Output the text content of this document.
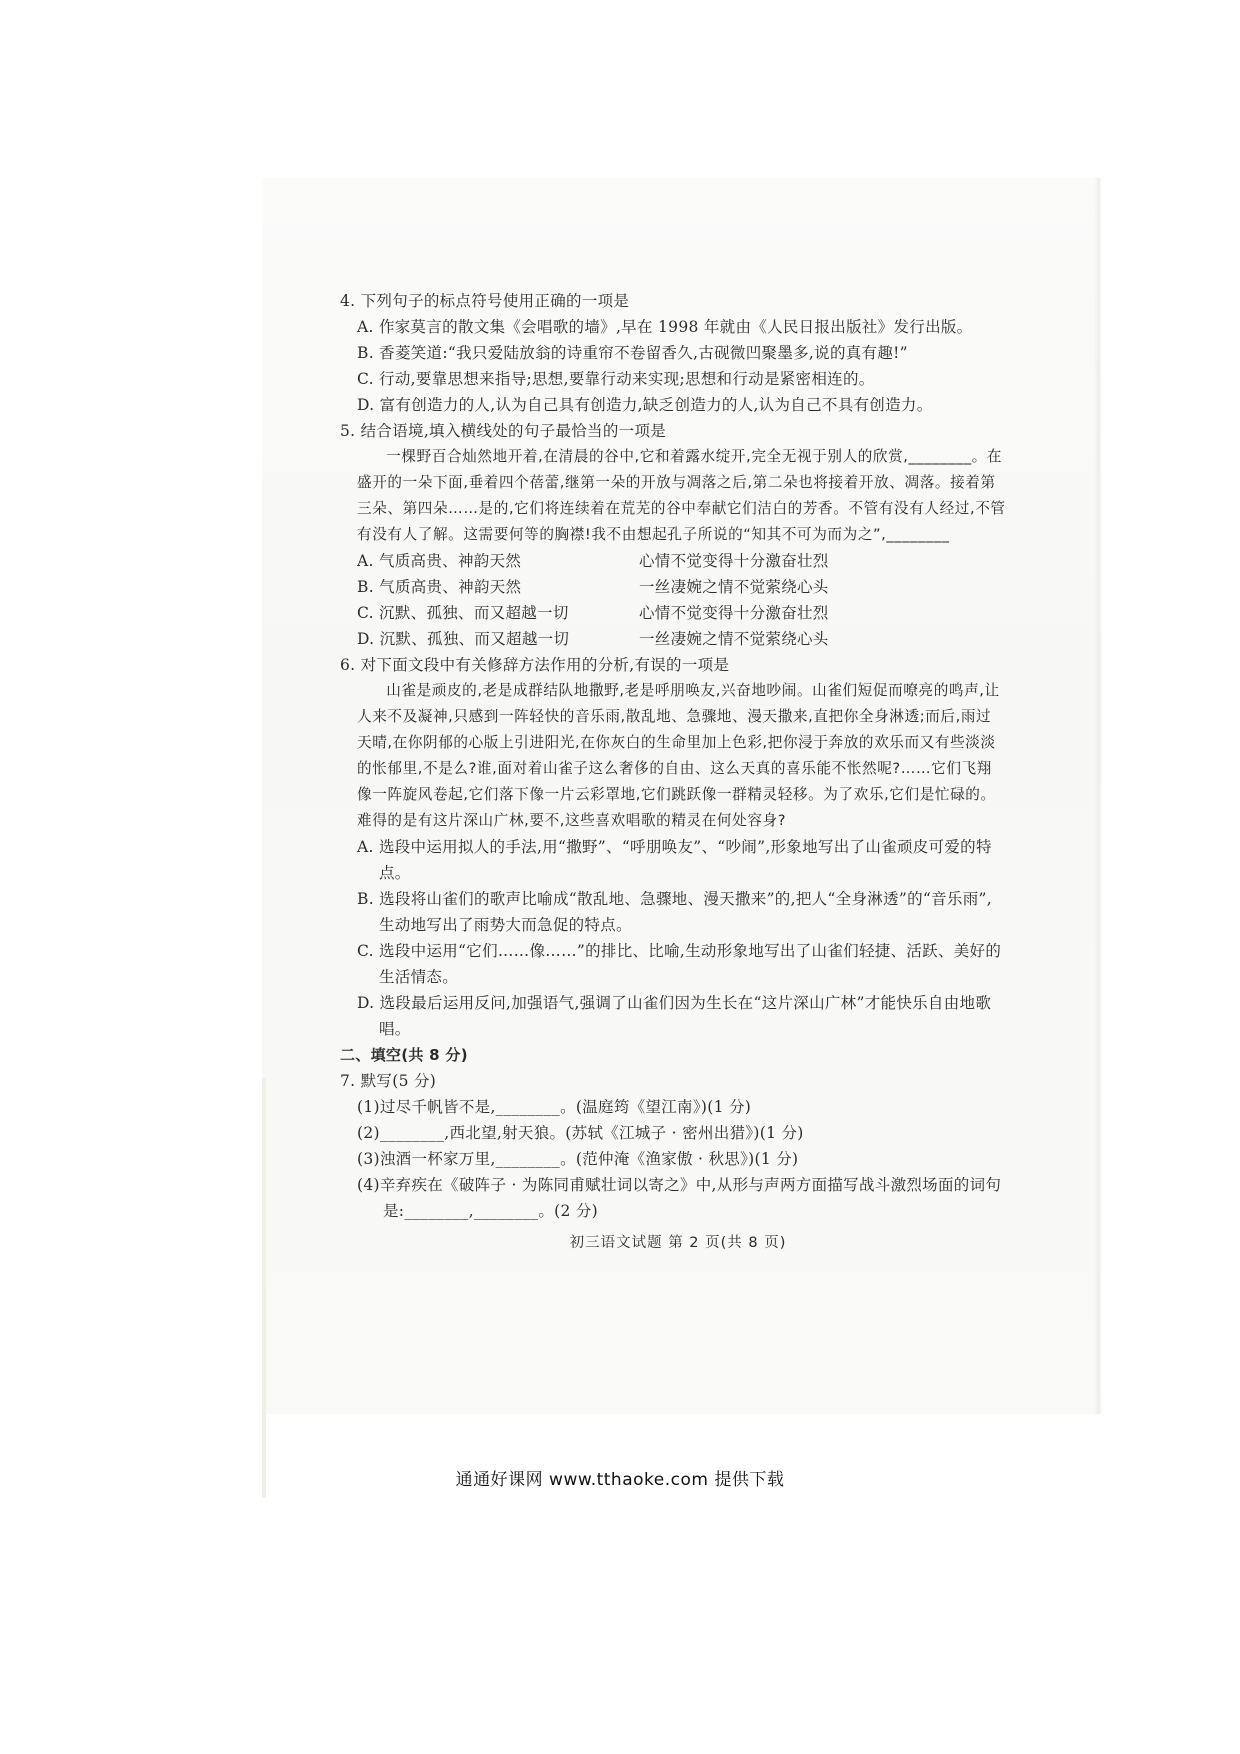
4. 下列句子的标点符号使用正确的一项是

A. 作家莫言的散文集《会唱歌的墙》,早在 1998 年就由《人民日报出版社》发行出版。

B. 香菱笑道:“我只爱陆放翁的诗重帘不卷留香久,古砚微凹聚墨多,说的真有趣!”

C. 行动,要靠思想来指导;思想,要靠行动来实现;思想和行动是紧密相连的。

D. 富有创造力的人,认为自己具有创造力,缺乏创造力的人,认为自己不具有创造力。

5. 结合语境,填入横线处的句子最恰当的一项是

一棵野百合灿然地开着,在清晨的谷中,它和着露水绽开,完全无视于别人的欣赏,________。在盛开的一朵下面,垂着四个蓓蕾,继第一朵的开放与凋落之后,第二朵也将接着开放、凋落。接着第三朵、第四朵……是的,它们将连续着在荒芜的谷中奉献它们洁白的芳香。不管有没有人经过,不管有没有人了解。这需要何等的胸襟!我不由想起孔子所说的“知其不可为而为之”,________

A. 气质高贵、神韵天然	心情不觉变得十分激奋壮烈
B. 气质高贵、神韵天然	一丝凄婉之情不觉萦绕心头
C. 沉默、孤独、而又超越一切	心情不觉变得十分激奋壮烈
D. 沉默、孤独、而又超越一切	一丝凄婉之情不觉萦绕心头

6. 对下面文段中有关修辞方法作用的分析,有误的一项是

山雀是顽皮的,老是成群结队地撒野,老是呼朋唤友,兴奋地吵闹。山雀们短促而嘹亮的鸣声,让人来不及凝神,只感到一阵轻快的音乐雨,散乱地、急骤地、漫天撒来,直把你全身淋透;而后,雨过天晴,在你阴郁的心版上引进阳光,在你灰白的生命里加上色彩,把你浸于奔放的欢乐而又有些淡淡的怅郁里,不是么?谁,面对着山雀子这么奢侈的自由、这么天真的喜乐能不怅然呢?……它们飞翔像一阵旋风卷起,它们落下像一片云彩罩地,它们跳跃像一群精灵轻移。为了欢乐,它们是忙碌的。难得的是有这片深山广林,要不,这些喜欢唱歌的精灵在何处容身?

A. 选段中运用拟人的手法,用“撒野”、“呼朋唤友”、“吵闹”,形象地写出了山雀顽皮可爱的特点。

B. 选段将山雀们的歌声比喻成“散乱地、急骤地、漫天撒来”的,把人“全身淋透”的“音乐雨”,生动地写出了雨势大而急促的特点。

C. 选段中运用“它们……像……”的排比、比喻,生动形象地写出了山雀们轻捷、活跃、美好的生活情态。

D. 选段最后运用反问,加强语气,强调了山雀们因为生长在“这片深山广林”才能快乐自由地歌唱。

二、填空(共 8 分)

7. 默写(5 分)

(1)过尽千帆皆不是,________。(温庭筠《望江南》)(1 分)

(2)________,西北望,射天狼。(苏轼《江城子 · 密州出猎》)(1 分)

(3)浊酒一杯家万里,________。(范仲淹《渔家傲 · 秋思》)(1 分)

(4)辛弃疾在《破阵子 · 为陈同甫赋壮词以寄之》中,从形与声两方面描写战斗激烈场面的词句是:________,________。(2 分)

初三语文试题 第 2 页(共 8 页)

通通好课网 www.tthaoke.com 提供下载
